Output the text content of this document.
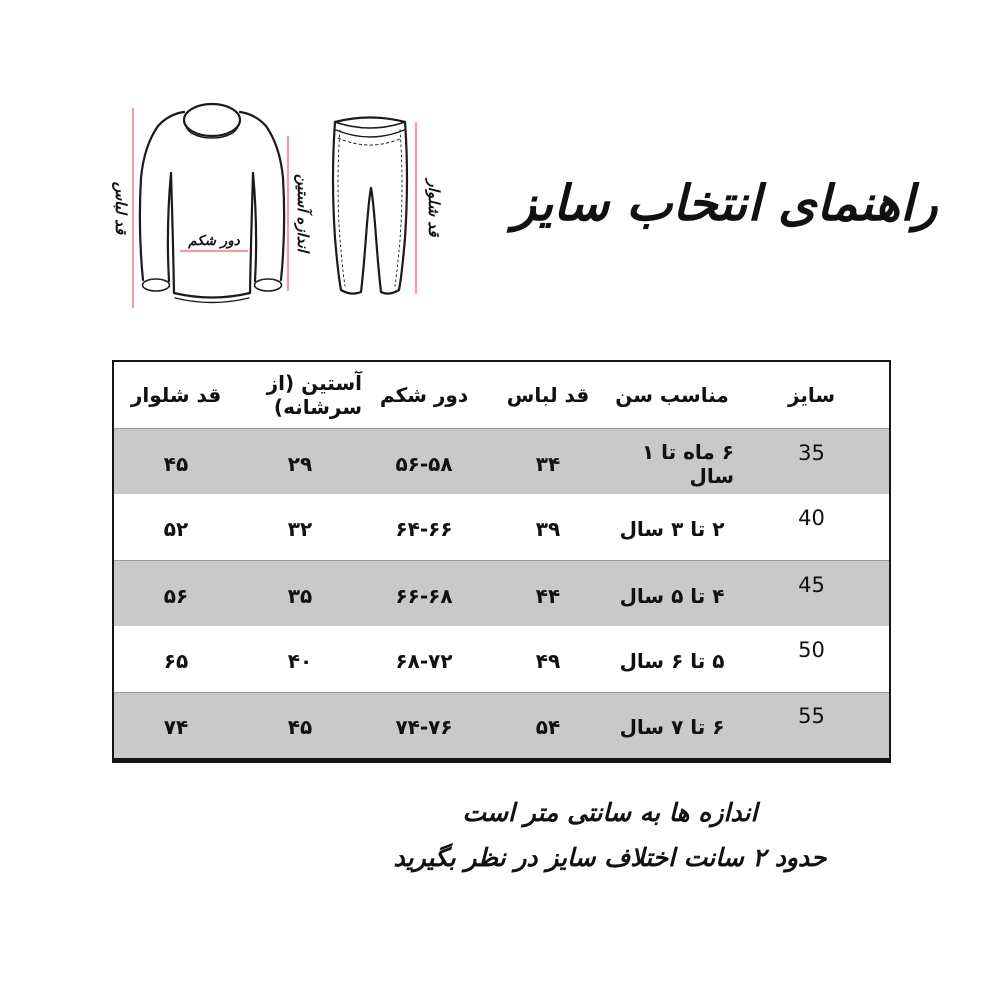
قد لباس	اندازه آستین	قد شلوار
دور شکم
راهنمای انتخاب سایز
سایز
مناسب سن
قد لباس
دور شکم
آستین (از سرشانه)
قد شلوار
35
۶ ماه تا ۱ سال
۳۴
۵۶-۵۸
۲۹
۴۵
40
۲ تا ۳ سال
۳۹
۶۴-۶۶
۳۲
۵۲
45
۴ تا ۵ سال
۴۴
۶۶-۶۸
۳۵
۵۶
50
۵ تا ۶ سال
۴۹
۶۸-۷۲
۴۰
۶۵
55
۶ تا ۷ سال
۵۴
۷۴-۷۶
۴۵
۷۴
اندازه ها به سانتی متر است
حدود ۲ سانت اختلاف سایز در نظر بگیرید
